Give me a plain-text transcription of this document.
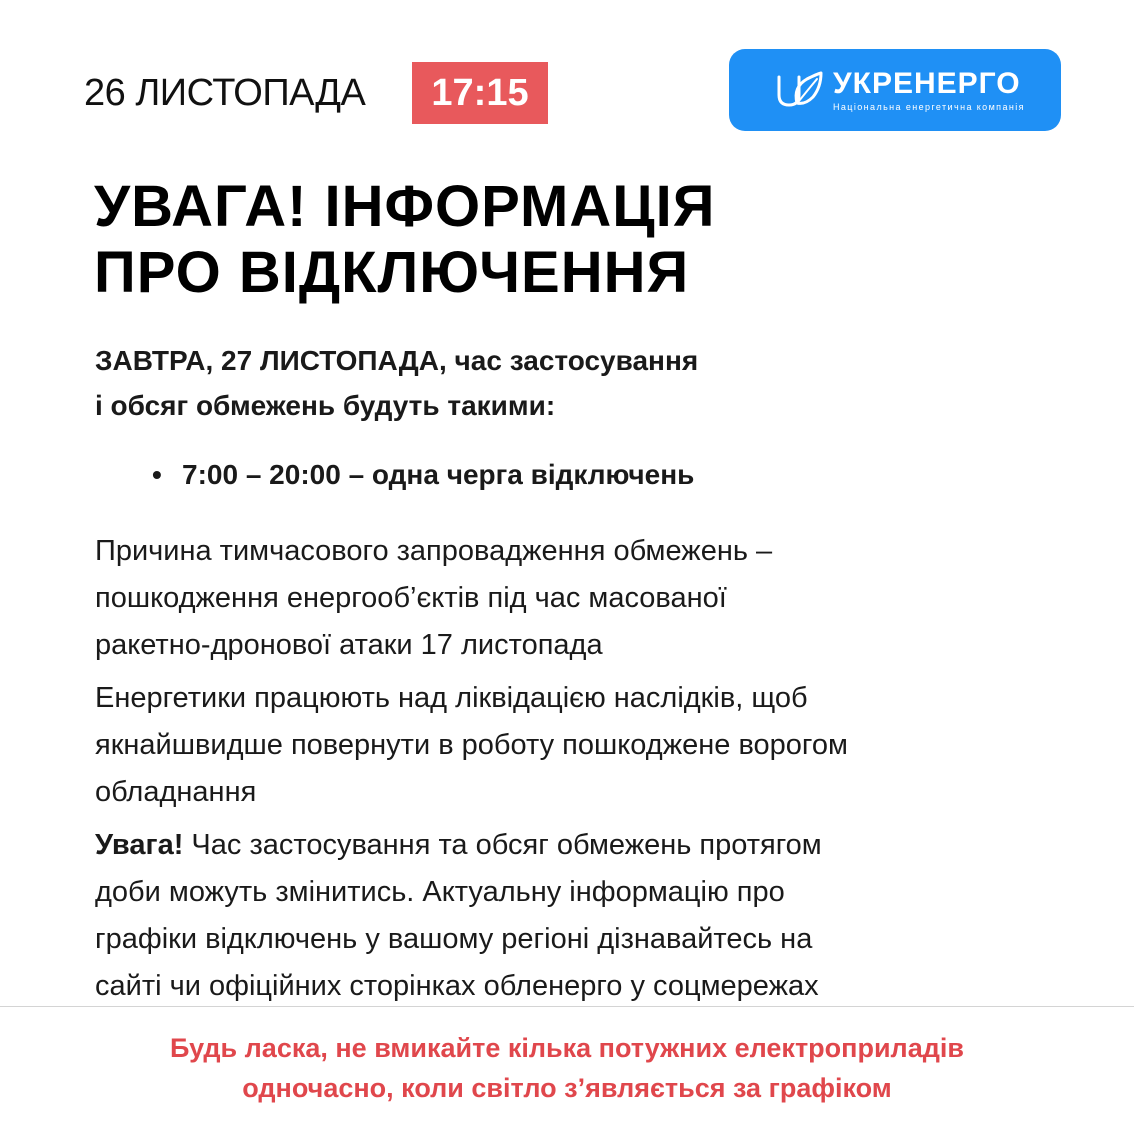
26 ЛИСТОПАДА	17:15	УКРЕНЕРГО
Національна енергетична компанія
УВАГА! ІНФОРМАЦІЯ
ПРО ВІДКЛЮЧЕННЯ
ЗАВТРА, 27 ЛИСТОПАДА, час застосування
і обсяг обмежень будуть такими:
• 7:00 – 20:00 – одна черга відключень
Причина тимчасового запровадження обмежень –
пошкодження енергооб’єктів під час масованої
ракетно-дронової атаки 17 листопада
Енергетики працюють над ліквідацією наслідків, щоб
якнайшвидше повернути в роботу пошкоджене ворогом
обладнання
Увага! Час застосування та обсяг обмежень протягом
доби можуть змінитись. Актуальну інформацію про
графіки відключень у вашому регіоні дізнавайтесь на
сайті чи офіційних сторінках обленерго у соцмережах
Будь ласка, не вмикайте кілька потужних електроприладів
одночасно, коли світло з’являється за графіком
